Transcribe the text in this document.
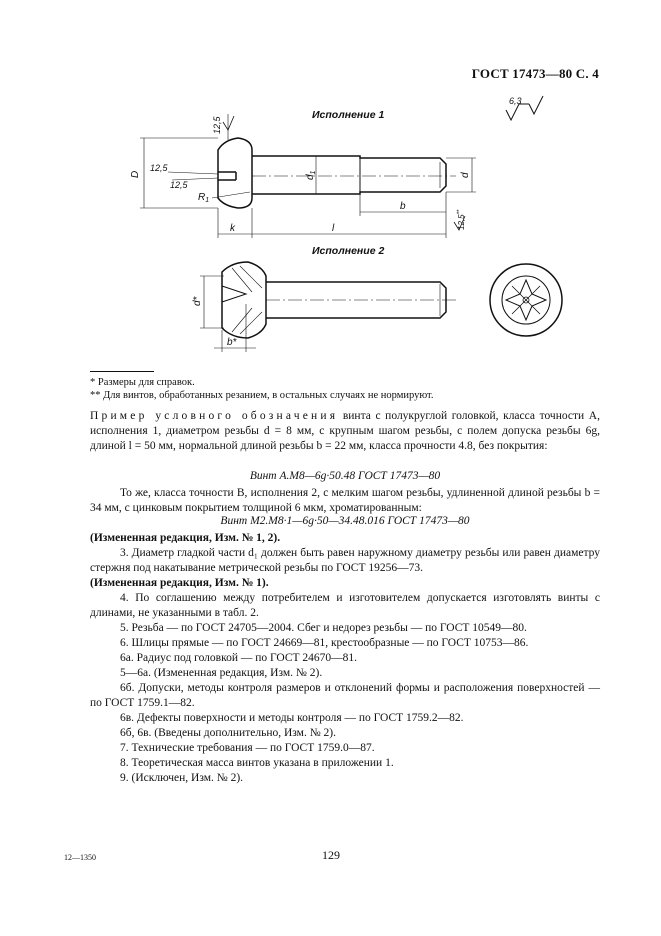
ГОСТ 17473—80 С. 4
6,3
12,5
12,5
12,5
D
$R_1$
$d_1$	d
b
l
k	12,5**
d*
b*
Исполнение 1
Исполнение 2
* Размеры для справок.
** Для винтов, обработанных резанием, в остальных случаях не нормируют.
Пример условного обозначения винта с полукруглой головкой, класса точности А, исполнения 1, диаметром резьбы d = 8 мм, с крупным шагом резьбы, с полем допуска резьбы 6g, длиной l = 50 мм, нормальной длиной резьбы b = 22 мм, класса прочности 4.8, без покрытия:
Винт А.М8—6g·50.48 ГОСТ 17473—80
То же, класса точности В, исполнения 2, с мелким шагом резьбы, удлиненной длиной резьбы b = 34 мм, с цинковым покрытием толщиной 6 мкм, хроматированным:
Винт М2.М8·1—6g·50—34.48.016 ГОСТ 17473—80
(Измененная редакция, Изм. № 1, 2).
3. Диаметр гладкой части d₁ должен быть равен наружному диаметру резьбы или равен диаметру стержня под накатывание метрической резьбы по ГОСТ 19256—73.
(Измененная редакция, Изм. № 1).
4. По соглашению между потребителем и изготовителем допускается изготовлять винты с длинами, не указанными в табл. 2.
5. Резьба — по ГОСТ 24705—2004. Сбег и недорез резьбы — по ГОСТ 10549—80.
6. Шлицы прямые — по ГОСТ 24669—81, крестообразные — по ГОСТ 10753—86.
6а. Радиус под головкой — по ГОСТ 24670—81.
5—6а. (Измененная редакция, Изм. № 2).
6б. Допуски, методы контроля размеров и отклонений формы и расположения поверхностей — по ГОСТ 1759.1—82.
6в. Дефекты поверхности и методы контроля — по ГОСТ 1759.2—82.
6б, 6в. (Введены дополнительно, Изм. № 2).
7. Технические требования — по ГОСТ 1759.0—87.
8. Теоретическая масса винтов указана в приложении 1.
9. (Исключен, Изм. № 2).
12—1350	129
